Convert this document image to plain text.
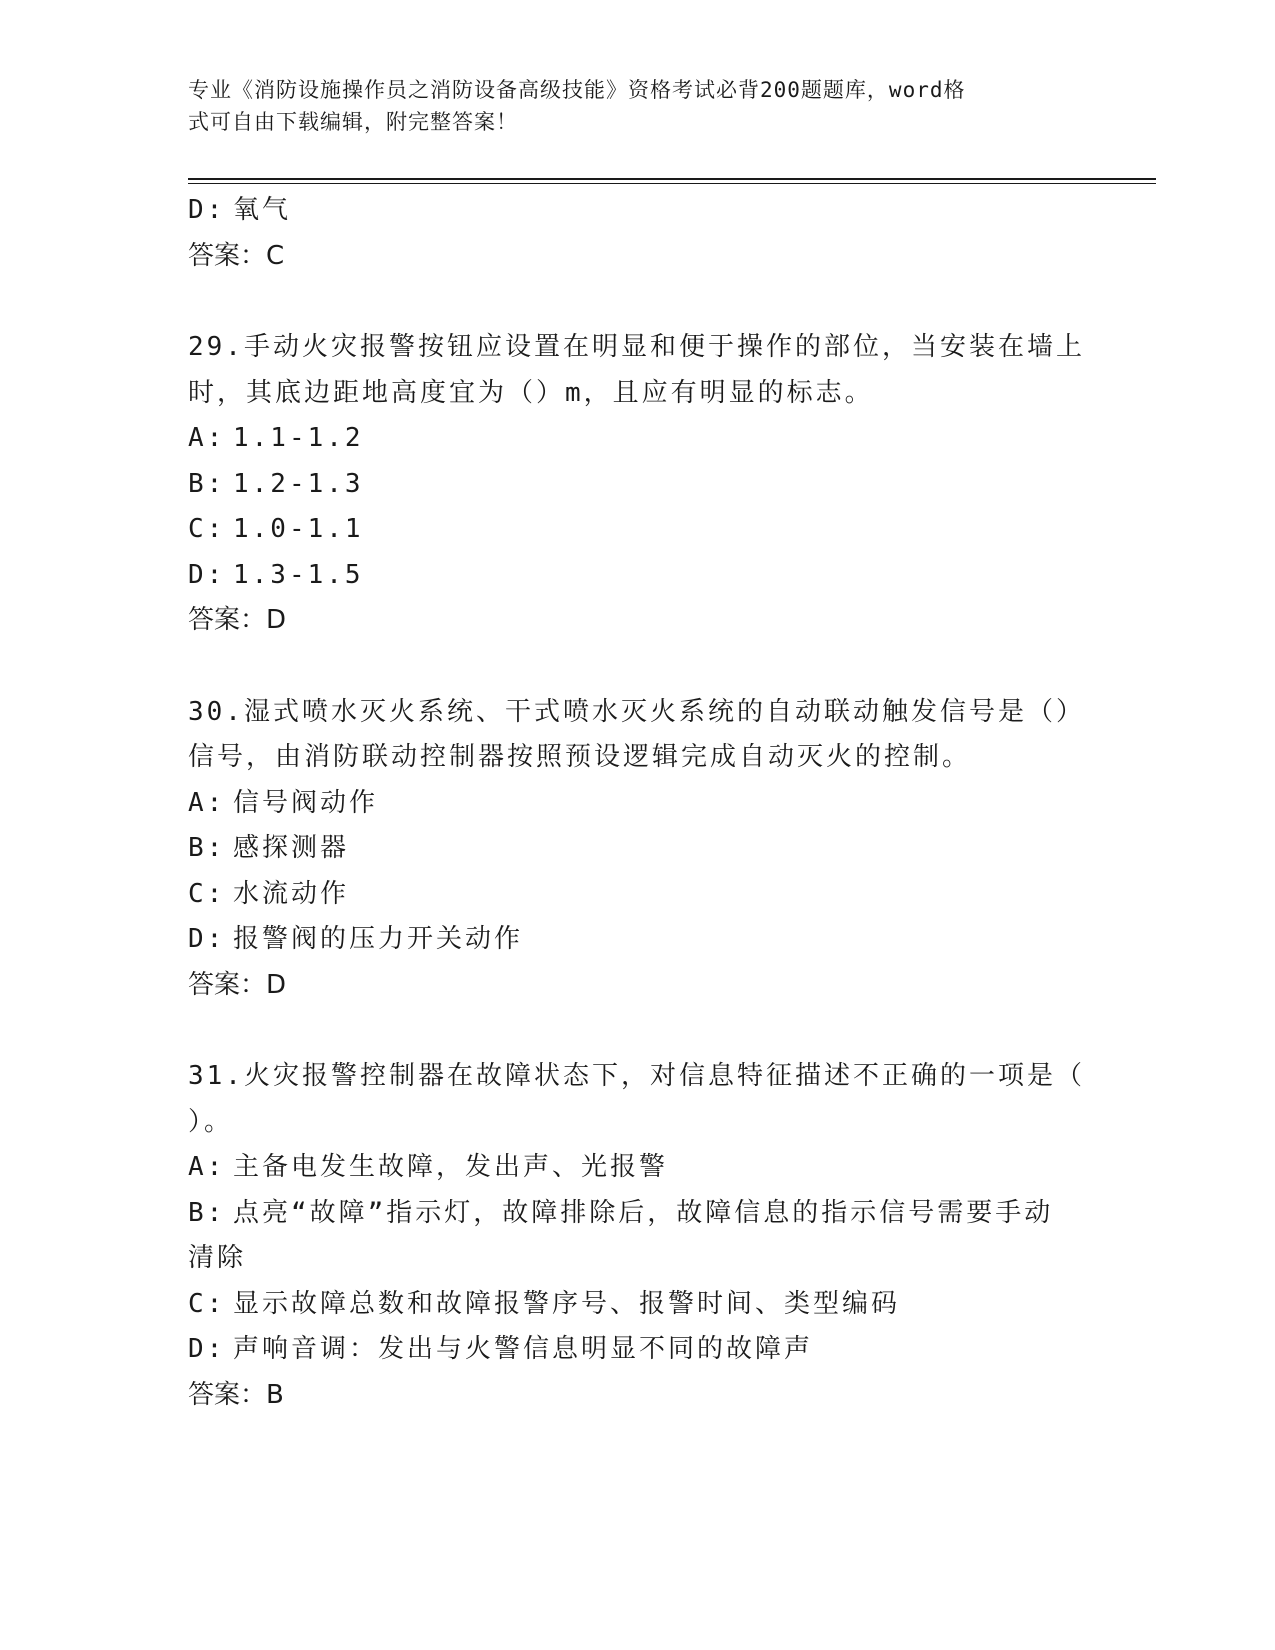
专业《消防设施操作员之消防设备高级技能》资格考试必背200题题库，word格
式可自由下载编辑，附完整答案！
D: 氧气
答案：C
29.手动火灾报警按钮应设置在明显和便于操作的部位，当安装在墙上
时，其底边距地高度宜为（）m，且应有明显的标志。
A: 1.1-1.2
B: 1.2-1.3
C: 1.0-1.1
D: 1.3-1.5
答案：D
30.湿式喷水灭火系统、干式喷水灭火系统的自动联动触发信号是（）
信号，由消防联动控制器按照预设逻辑完成自动灭火的控制。
A: 信号阀动作
B: 感探测器
C: 水流动作
D: 报警阀的压力开关动作
答案：D
31.火灾报警控制器在故障状态下，对信息特征描述不正确的一项是（
）。
A: 主备电发生故障，发出声、光报警
B: 点亮“故障”指示灯，故障排除后，故障信息的指示信号需要手动
清除
C: 显示故障总数和故障报警序号、报警时间、类型编码
D: 声响音调：发出与火警信息明显不同的故障声
答案：B
